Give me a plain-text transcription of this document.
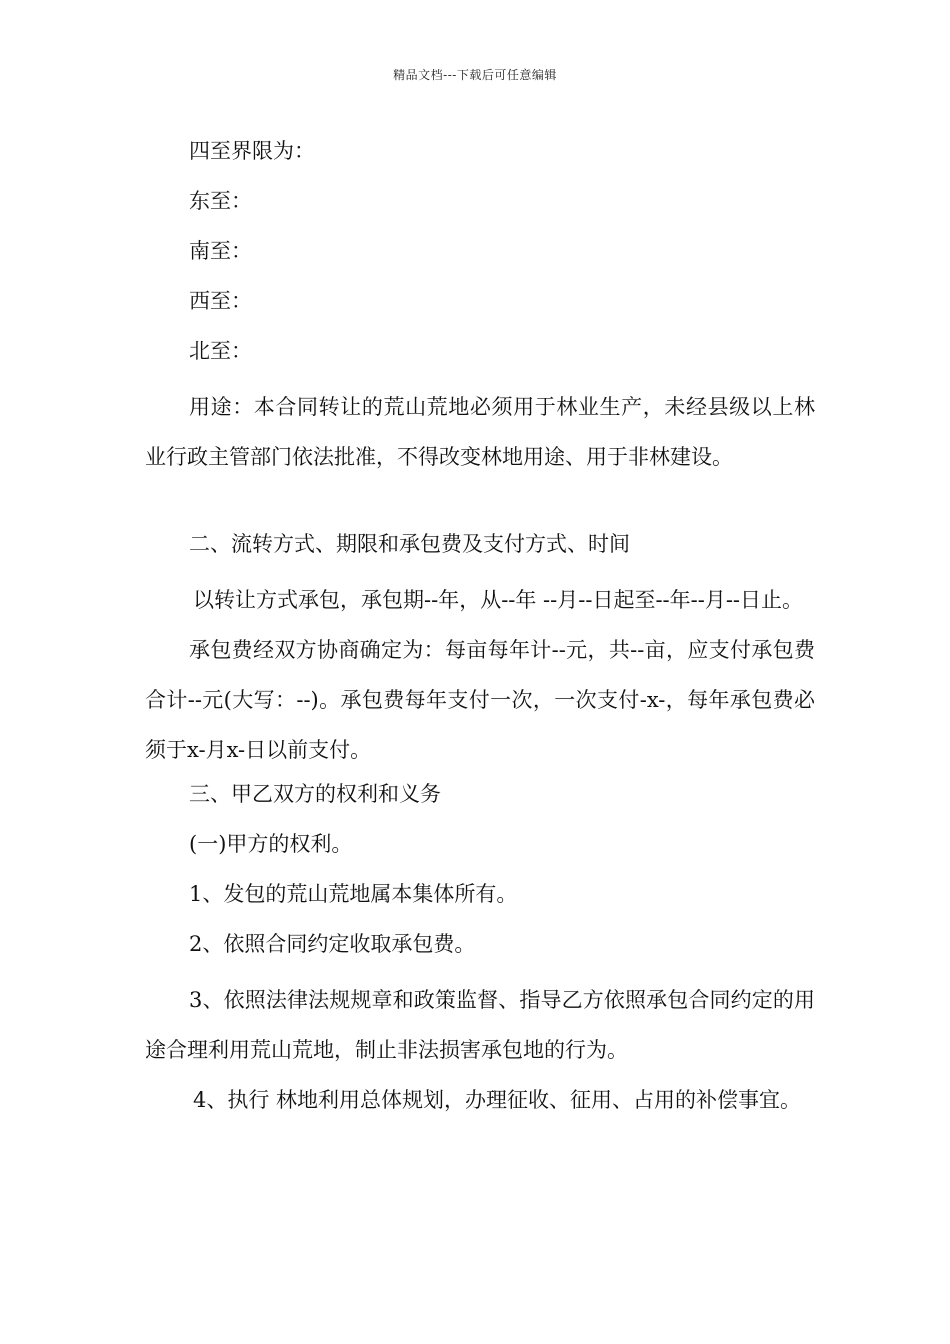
精品文档---下载后可任意编辑
四至界限为：
东至：
南至：
西至：
北至：

用途：本合同转让的荒山荒地必须用于林业生产，未经县级以上林业行政主管部门依法批准，不得改变林地用途、用于非林建设。

二、流转方式、期限和承包费及支付方式、时间

以转让方式承包，承包期--年，从--年 --月--日起至--年--月--日止。

承包费经双方协商确定为：每亩每年计--元，共--亩，应支付承包费合计--元(大写：--)。承包费每年支付一次，一次支付-x-，每年承包费必须于x-月x-日以前支付。

三、甲乙双方的权利和义务
(一)甲方的权利。
1、发包的荒山荒地属本集体所有。
2、依照合同约定收取承包费。

3、依照法律法规规章和政策监督、指导乙方依照承包合同约定的用途合理利用荒山荒地，制止非法损害承包地的行为。

4、执行 林地利用总体规划，办理征收、征用、占用的补偿事宜。
